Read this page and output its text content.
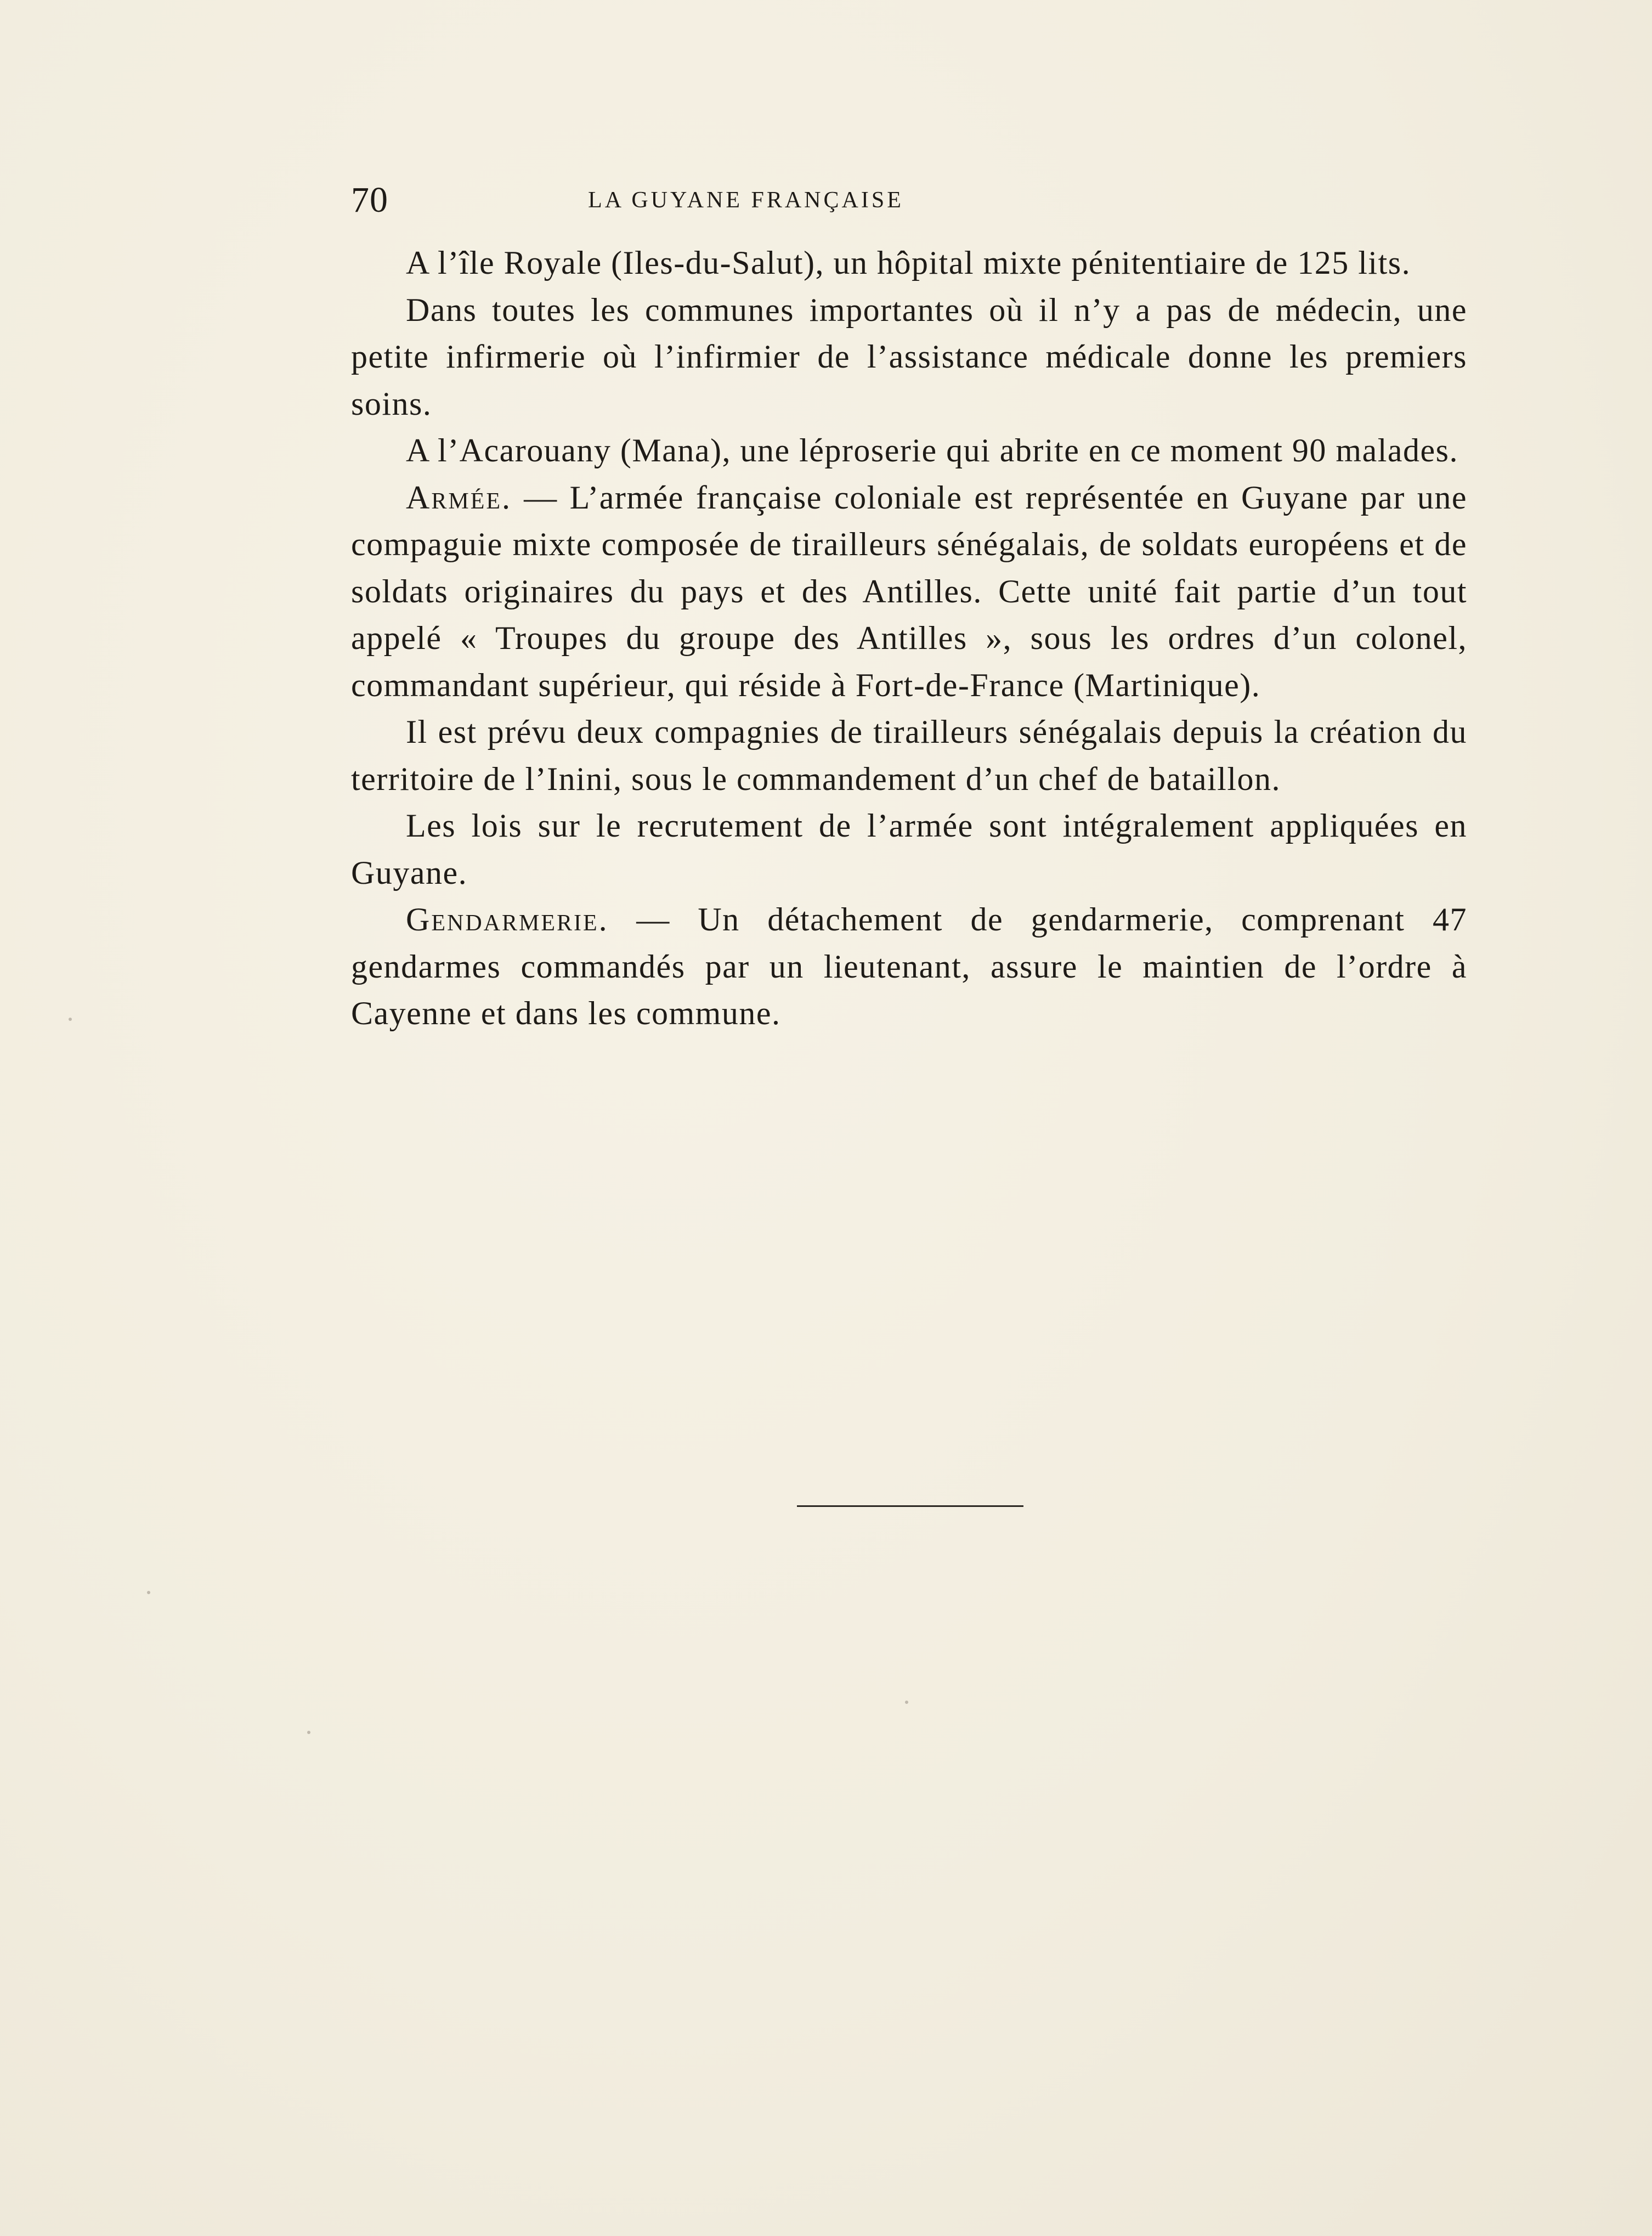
70	LA GUYANE FRANÇAISE

A l’île Royale (Iles-du-Salut), un hôpital mixte pénitentiaire de 125 lits.

Dans toutes les communes importantes où il n’y a pas de médecin, une petite infirmerie où l’infirmier de l’assistance médicale donne les premiers soins.

A l’Acarouany (Mana), une léproserie qui abrite en ce moment 90 malades.

Armée. — L’armée française coloniale est représentée en Guyane par une compaguie mixte composée de tirailleurs sénégalais, de soldats européens et de soldats originaires du pays et des Antilles. Cette unité fait partie d’un tout appelé « Troupes du groupe des Antilles », sous les ordres d’un colonel, commandant supérieur, qui réside à Fort-de-France (Martinique).

Il est prévu deux compagnies de tirailleurs sénégalais depuis la création du territoire de l’Inini, sous le commandement d’un chef de bataillon.

Les lois sur le recrutement de l’armée sont intégralement appliquées en Guyane.

Gendarmerie. — Un détachement de gendarmerie, comprenant 47 gendarmes commandés par un lieutenant, assure le maintien de l’ordre à Cayenne et dans les commune.
